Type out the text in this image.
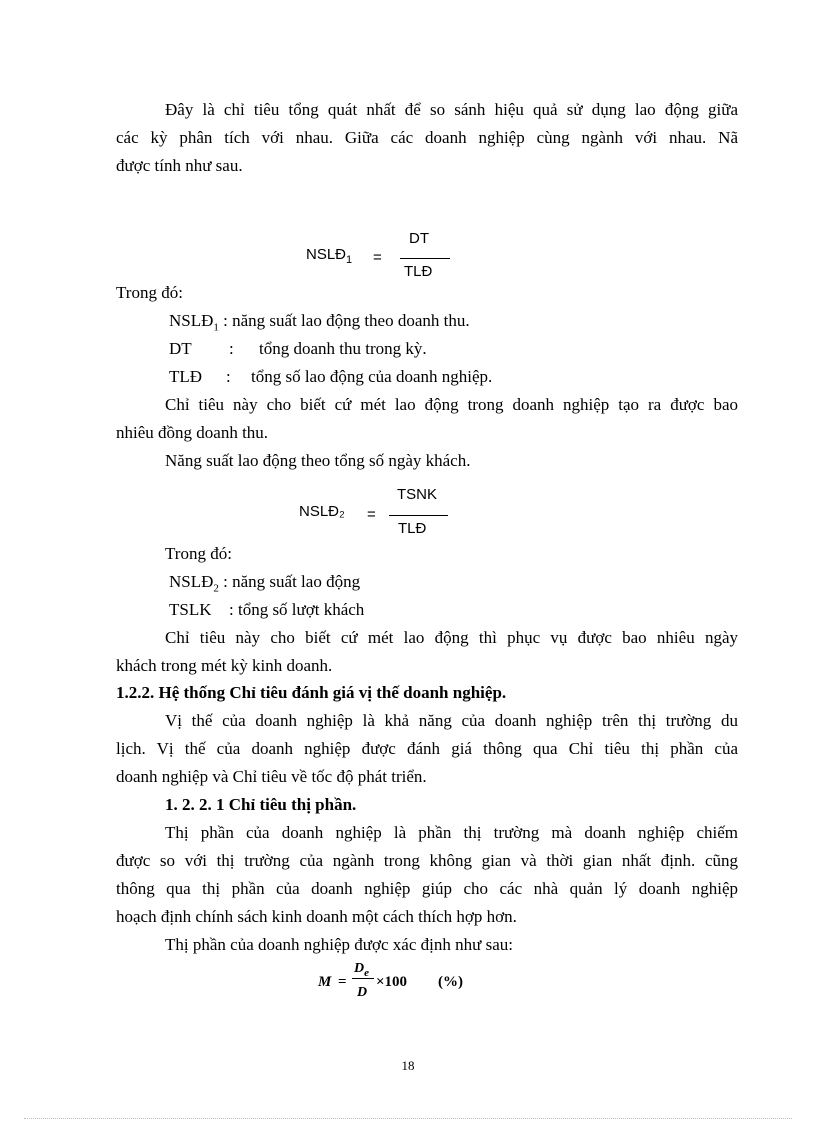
Đây là chỉ tiêu tổng quát nhất để so sánh hiệu quả sử dụng lao động giữa
các kỳ phân tích với nhau. Giữa các doanh nghiệp cùng ngành với nhau. Nã
được tính như sau.
$NSLĐ_1$ =
DT
TLĐ
Trong đó:
$NSLĐ_1$ : năng suất lao động theo doanh thu.
DT : tổng doanh thu trong kỳ.
TLĐ : tổng số lao động của doanh nghiệp.
Chỉ tiêu này cho biết cứ mét lao động trong doanh nghiệp tạo ra được bao
nhiêu đồng doanh thu.
Năng suất lao động theo tổng số ngày khách.
NSLĐ₂ =
TSNK
TLĐ
Trong đó:
$NSLĐ_2$ : năng suất lao động
TSLK : tổng số lượt khách
Chỉ tiêu này cho biết cứ mét lao động thì phục vụ được bao nhiêu ngày
khách trong mét kỳ kinh doanh.
1.2.2. Hệ thống Chỉ tiêu đánh giá vị thế doanh nghiệp.
Vị thế của doanh nghiệp là khả năng của doanh nghiệp trên thị trường du
lịch. Vị thế của doanh nghiệp được đánh giá thông qua Chỉ tiêu thị phần của
doanh nghiệp và Chỉ tiêu về tốc độ phát triển.
1. 2. 2. 1 Chỉ tiêu thị phần.
Thị phần của doanh nghiệp là phần thị trường mà doanh nghiệp chiếm
được so với thị trường của ngành trong không gian và thời gian nhất định. cũng
thông qua thị phần của doanh nghiệp giúp cho các nhà quản lý doanh nghiệp
hoạch định chính sách kinh doanh một cách thích hợp hơn.
Thị phần của doanh nghiệp được xác định như sau:
M =
$D_e$
D
×100 (%)
18
